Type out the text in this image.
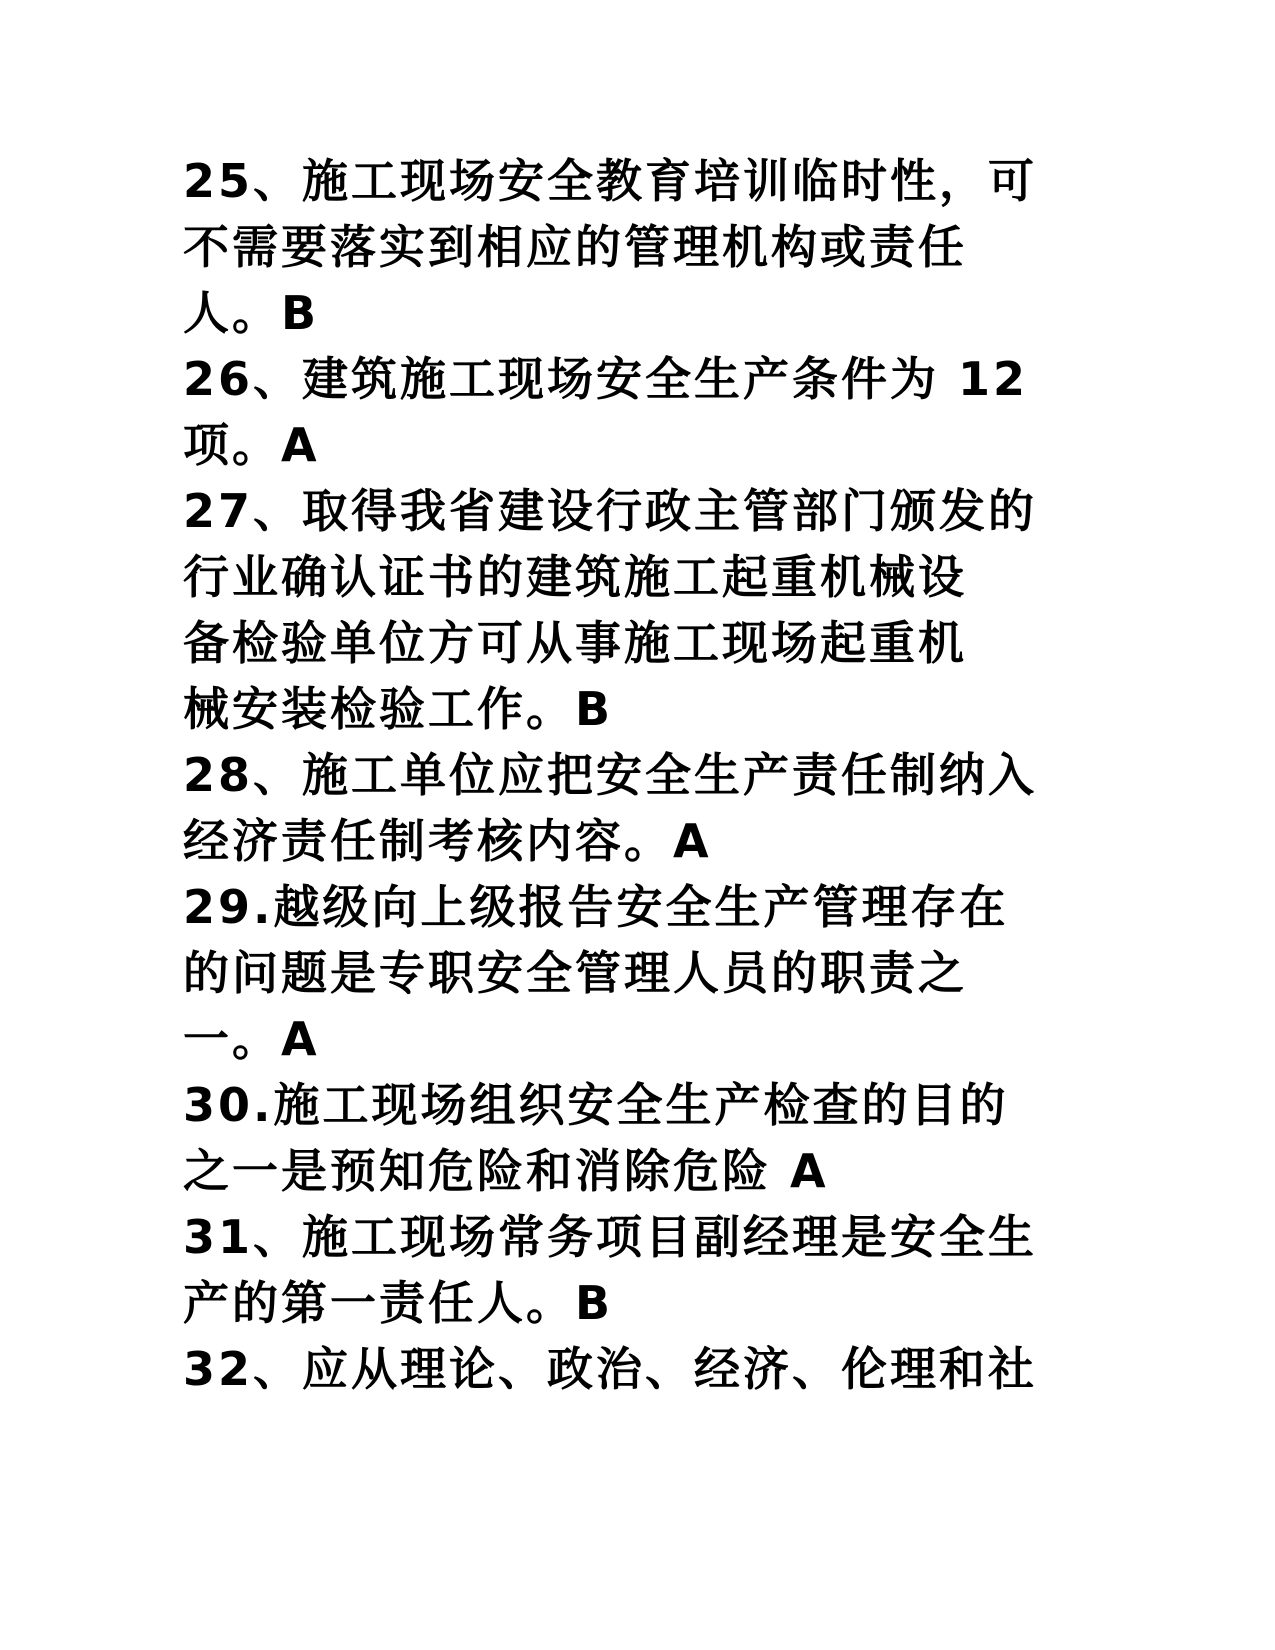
25、施工现场安全教育培训临时性，可
不需要落实到相应的管理机构或责任
人。B
26、建筑施工现场安全生产条件为 12
项。A
27、取得我省建设行政主管部门颁发的
行业确认证书的建筑施工起重机械设
备检验单位方可从事施工现场起重机
械安装检验工作。B
28、施工单位应把安全生产责任制纳入
经济责任制考核内容。A
29.越级向上级报告安全生产管理存在
的问题是专职安全管理人员的职责之
一。A
30.施工现场组织安全生产检查的目的
之一是预知危险和消除危险 A
31、施工现场常务项目副经理是安全生
产的第一责任人。B
32、应从理论、政治、经济、伦理和社
